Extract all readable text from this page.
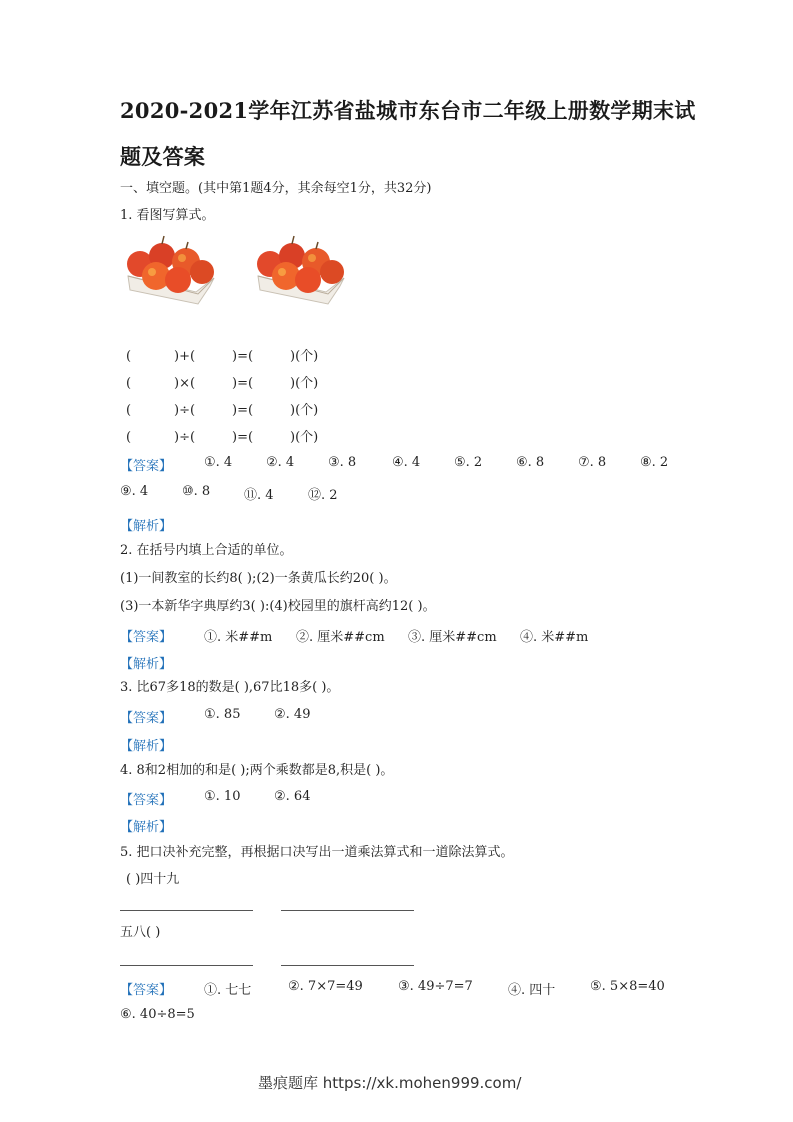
2020-2021学年江苏省盐城市东台市二年级上册数学期末试
题及答案
一、填空题。(其中第1题4分，其余每空1分，共32分)
1. 看图写算式。
(	)+(	)=(	)(个)
(	)×(	)=(	)(个)
(	)÷(	)=(	)(个)
(	)÷(	)=(	)(个)
【答案】 ①. 4	②. 4	③. 8	④. 4	⑤. 2	⑥. 8	⑦. 8	⑧. 2
⑨. 4	⑩. 8	⑪. 4	⑫. 2
【解析】
2. 在括号内填上合适的单位。
(1)一间教室的长约8( );(2)一条黄瓜长约20( )。
(3)一本新华字典厚约3( ):(4)校园里的旗杆高约12( )。
【答案】 ①. 米##m ②. 厘米##cm ③. 厘米##cm ④. 米##m
【解析】
3. 比67多18的数是( ),67比18多( )。
【答案】 ①. 85	②. 49
【解析】
4. 8和2相加的和是( );两个乘数都是8,积是( )。
【答案】 ①. 10	②. 64
【解析】
5. 把口决补充完整，再根据口决写出一道乘法算式和一道除法算式。
( )四十九
五八( )
【答案】 ①. 七七	②. 7×7=49	③. 49÷7=7	④. 四十	⑤. 5×8=40
⑥. 40÷8=5
墨痕题库 https://xk.mohen999.com/
